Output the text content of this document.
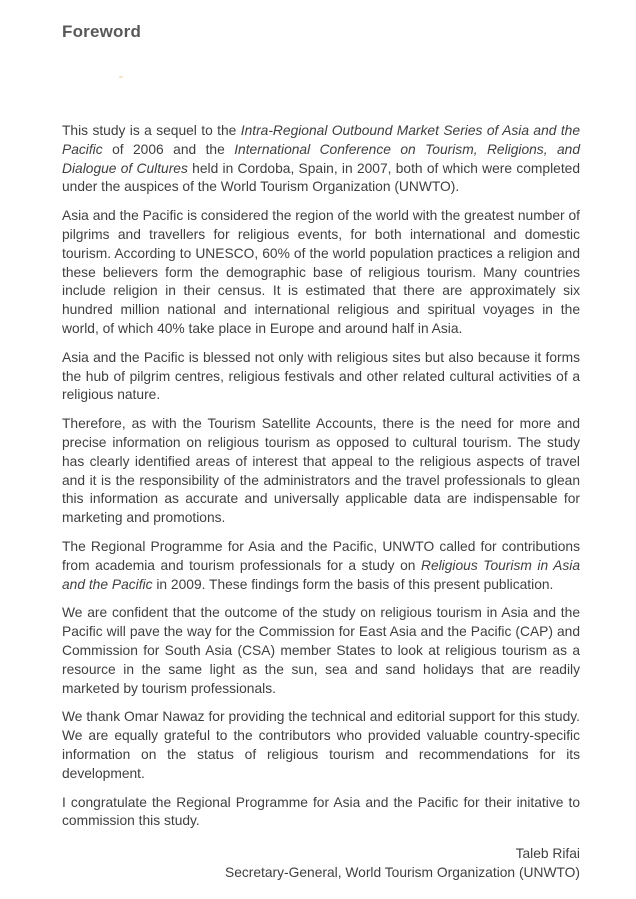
Foreword

This study is a sequel to the Intra-Regional Outbound Market Series of Asia and the Pacific of 2006 and the International Conference on Tourism, Religions, and Dialogue of Cultures held in Cordoba, Spain, in 2007, both of which were completed under the auspices of the World Tourism Organization (UNWTO).

Asia and the Pacific is considered the region of the world with the greatest number of pilgrims and travellers for religious events, for both international and domestic tourism. According to UNESCO, 60% of the world population practices a religion and these believers form the demographic base of religious tourism. Many countries include religion in their census. It is estimated that there are approximately six hundred million national and international religious and spiritual voyages in the world, of which 40% take place in Europe and around half in Asia.

Asia and the Pacific is blessed not only with religious sites but also because it forms the hub of pilgrim centres, religious festivals and other related cultural activities of a religious nature.

Therefore, as with the Tourism Satellite Accounts, there is the need for more and precise information on religious tourism as opposed to cultural tourism. The study has clearly identified areas of interest that appeal to the religious aspects of travel and it is the responsibility of the administrators and the travel professionals to glean this information as accurate and universally applicable data are indispensable for marketing and promotions.

The Regional Programme for Asia and the Pacific, UNWTO called for contributions from academia and tourism professionals for a study on Religious Tourism in Asia and the Pacific in 2009. These findings form the basis of this present publication.

We are confident that the outcome of the study on religious tourism in Asia and the Pacific will pave the way for the Commission for East Asia and the Pacific (CAP) and Commission for South Asia (CSA) member States to look at religious tourism as a resource in the same light as the sun, sea and sand holidays that are readily marketed by tourism professionals.

We thank Omar Nawaz for providing the technical and editorial support for this study. We are equally grateful to the contributors who provided valuable country-specific information on the status of religious tourism and recommendations for its development.

I congratulate the Regional Programme for Asia and the Pacific for their initative to commission this study.

Taleb Rifai
Secretary-General, World Tourism Organization (UNWTO)
